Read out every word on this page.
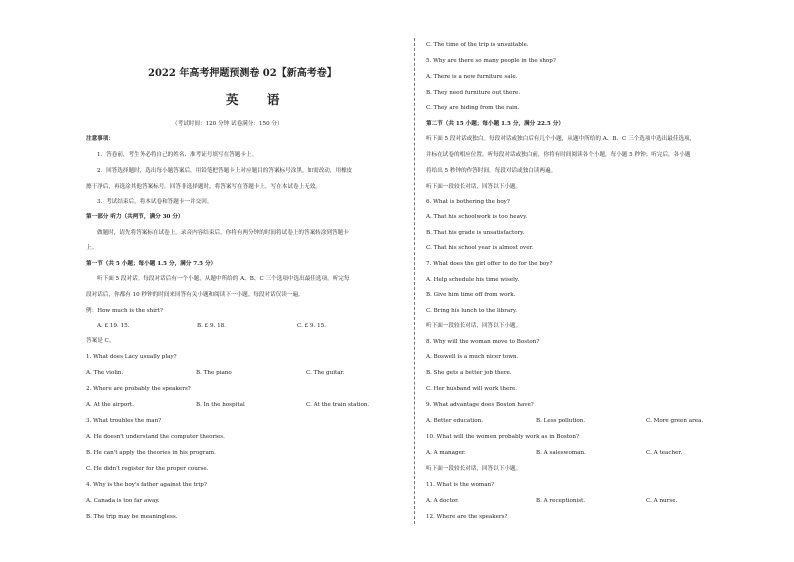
2022 年高考押题预测卷 02【新高考卷】
英 语
（考试时间：120 分钟 试卷满分：150 分）
注意事项：
1．答卷前，考生务必将自己的姓名、准考证号填写在答题卡上。
2．回答选择题时，选出每小题答案后，用铅笔把答题卡上对应题目的答案标号涂黑。如需改动，用橡皮
擦干净后，再选涂其他答案标号。回答非选择题时，将答案写在答题卡上，写在本试卷上无效。
3．考试结束后，将本试卷和答题卡一并交回。
第一部分 听力（共两节，满分 30 分）
做题时，请先将答案标在试卷上。录音内容结束后，你将有两分钟的时间将试卷上的答案转涂到答题卡
上。
第一节（共 5 小题；每小题 1.5 分，满分 7.5 分）
听下面 5 段对话。每段对话后有一个小题，从题中所给的 A、B、C 三个选项中选出最佳选项。听完每
段对话后，你都有 10 秒钟的时间来回答有关小题和阅读下一小题。每段对话仅读一遍。
例：How much is the shirt?
A. £ 19. 15.	B. £ 9. 18.	C. £ 9. 15.
答案是 C。
1. What does Lacy usually play?
A. The violin.	B. The piano	C. The guitar.
2. Where are probably the speakers?
A. At the airport.	B. In the hospital	C. At the train station.
3. What troubles the man?
A. He doesn't understand the computer theories.
B. He can't apply the theories in his program.
C. He didn't register for the proper course.
4. Why is the boy's father against the trip?
A. Canada is too far away.
B. The trip may be meaningless.
C. The time of the trip is unsuitable.
5. Why are there so many people in the shop?
A. There is a new furniture sale.
B. They need furniture out there.
C. They are hiding from the rain.
第二节（共 15 小题；每小题 1.5 分，满分 22.5 分）
听下面 5 段对话或独白。每段对话或独白后有几个小题，从题中所给的 A、B、C 三个选项中选出最佳选项，
并标在试卷的相应位置。听每段对话或独白前，你将有时间阅读各个小题，每小题 5 秒钟；听完后，各小题
将给出 5 秒钟的作答时间。每段对话或独白读两遍。
听下面一段较长对话，回答以下小题。
6. What is bothering the boy?
A. That his schoolwork is too heavy.
B. That his grade is unsatisfactory.
C. That his school year is almost over.
7. What does the girl offer to do for the boy?
A. Help schedule his time wisely.
B. Give him time off from work.
C. Bring his lunch to the library.
听下面一段较长对话，回答以下小题。
8. Why will the woman move to Boston?
A. Boswell is a much nicer town.
B. She gets a better job there.
C. Her husband will work there.
9. What advantage does Boston have?
A. Better education.	B. Less pollution.	C. More green area.
10. What will the women probably work as in Boston?
A. A manager.	B. A saleswoman.	C. A teacher.
听下面一段较长对话，回答以下小题。
11. What is the woman?
A. A doctor.	B. A receptionist.	C. A nurse.
12. Where are the speakers?
